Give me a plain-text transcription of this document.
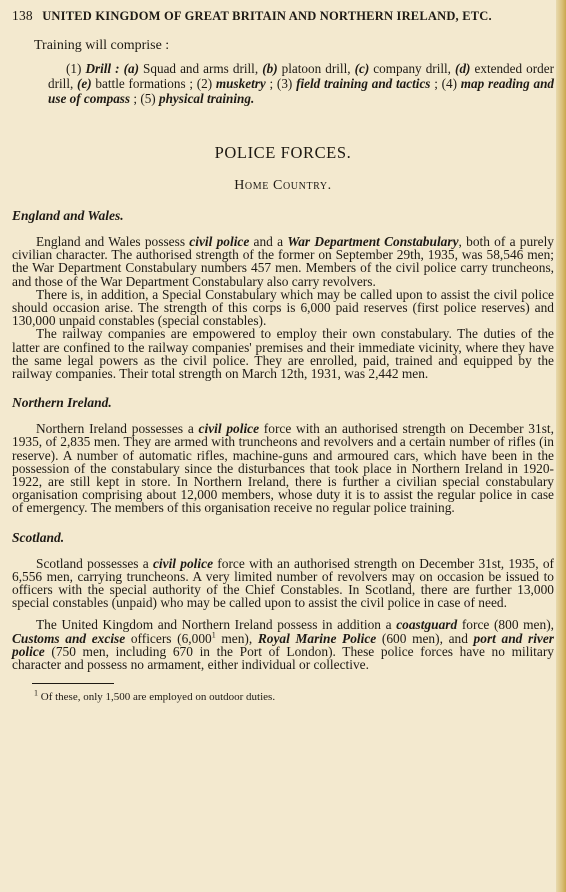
138 UNITED KINGDOM OF GREAT BRITAIN AND NORTHERN IRELAND, ETC.
Training will comprise :

(1) Drill : (a) Squad and arms drill, (b) platoon drill, (c) company drill, (d) extended order drill, (e) battle formations ; (2) musketry ; (3) field training and tactics ; (4) map reading and use of compass ; (5) physical training.

POLICE FORCES.
Home Country.
England and Wales.

England and Wales possess civil police and a War Department Constabulary, both of a purely civilian character. The authorised strength of the former on September 29th, 1935, was 58,546 men; the War Department Constabulary numbers 457 men. Members of the civil police carry truncheons, and those of the War Department Constabulary also carry revolvers.

There is, in addition, a Special Constabulary which may be called upon to assist the civil police should occasion arise. The strength of this corps is 6,000 paid reserves (first police reserves) and 130,000 unpaid constables (special constables).

The railway companies are empowered to employ their own constabulary. The duties of the latter are confined to the railway companies' premises and their immediate vicinity, where they have the same legal powers as the civil police. They are enrolled, paid, trained and equipped by the railway companies. Their total strength on March 12th, 1931, was 2,442 men.

Northern Ireland.

Northern Ireland possesses a civil police force with an authorised strength on December 31st, 1935, of 2,835 men. They are armed with truncheons and revolvers and a certain number of rifles (in reserve). A number of automatic rifles, machine-guns and armoured cars, which have been in the possession of the constabulary since the disturbances that took place in Northern Ireland in 1920-1922, are still kept in store. In Northern Ireland, there is further a civilian special constabulary organisation comprising about 12,000 members, whose duty it is to assist the regular police in case of emergency. The members of this organisation receive no regular police training.

Scotland.

Scotland possesses a civil police force with an authorised strength on December 31st, 1935, of 6,556 men, carrying truncheons. A very limited number of revolvers may on occasion be issued to officers with the special authority of the Chief Constables. In Scotland, there are further 13,000 special constables (unpaid) who may be called upon to assist the civil police in case of need.

The United Kingdom and Northern Ireland possess in addition a coastguard force (800 men), Customs and excise officers (6,000$^1$ men), Royal Marine Police (600 men), and port and river police (750 men, including 670 in the Port of London). These police forces have no military character and possess no armament, either individual or collective.

$^1$ Of these, only 1,500 are employed on outdoor duties.
